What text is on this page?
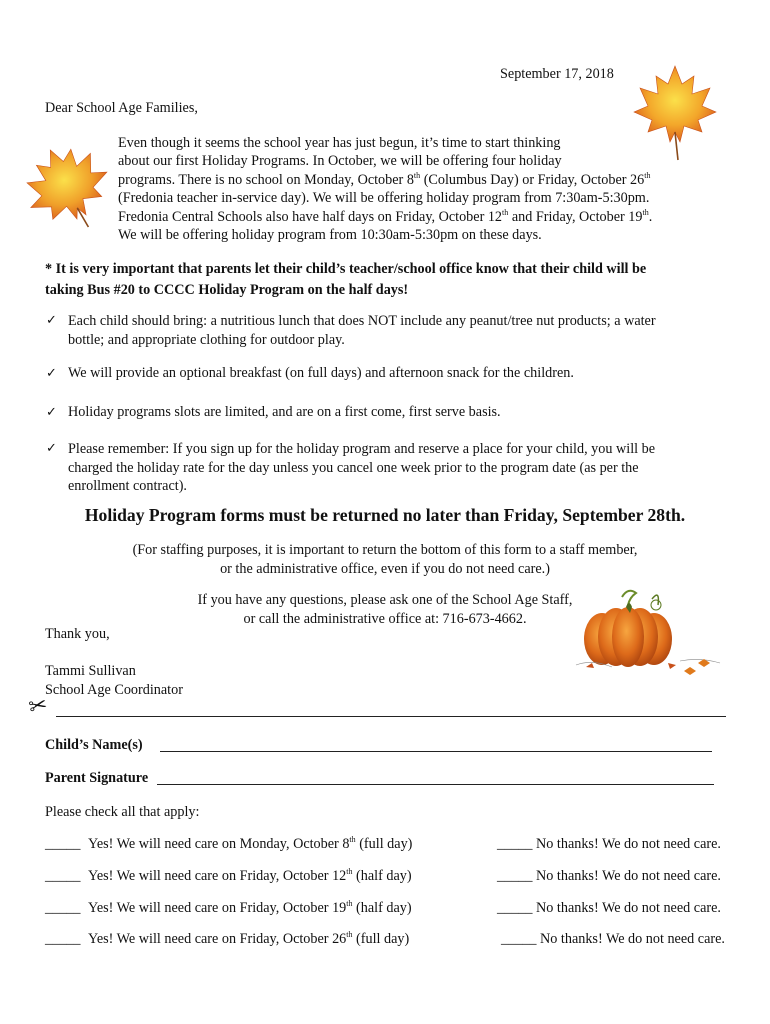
September 17, 2018
Dear School Age Families,
Even though it seems the school year has just begun, it’s time to start thinking
about our first Holiday Programs. In October, we will be offering four holiday
programs. There is no school on Monday, October 8th (Columbus Day) or Friday, October 26th
(Fredonia teacher in-service day). We will be offering holiday program from 7:30am-5:30pm.
Fredonia Central Schools also have half days on Friday, October 12th and Friday, October 19th.
We will be offering holiday program from 10:30am-5:30pm on these days.
* It is very important that parents let their child’s teacher/school office know that their child will be
taking Bus #20 to CCCC Holiday Program on the half days!
✓ Each child should bring: a nutritious lunch that does NOT include any peanut/tree nut products; a water
bottle; and appropriate clothing for outdoor play.
✓ We will provide an optional breakfast (on full days) and afternoon snack for the children.
✓ Holiday programs slots are limited, and are on a first come, first serve basis.
✓ Please remember: If you sign up for the holiday program and reserve a place for your child, you will be
charged the holiday rate for the day unless you cancel one week prior to the program date (as per the
enrollment contract).
Holiday Program forms must be returned no later than Friday, September 28th.
(For staffing purposes, it is important to return the bottom of this form to a staff member,
or the administrative office, even if you do not need care.)
If you have any questions, please ask one of the School Age Staff,
or call the administrative office at: 716-673-4662.
Thank you,
Tammi Sullivan
School Age Coordinator
✂
Child’s Name(s)
Parent Signature
Please check all that apply:
_____ Yes! We will need care on Monday, October 8th (full day)	_____ No thanks! We do not need care.
_____ Yes! We will need care on Friday, October 12th (half day)	_____ No thanks! We do not need care.
_____ Yes! We will need care on Friday, October 19th (half day)	_____ No thanks! We do not need care.
_____ Yes! We will need care on Friday, October 26th (full day)	_____ No thanks! We do not need care.
